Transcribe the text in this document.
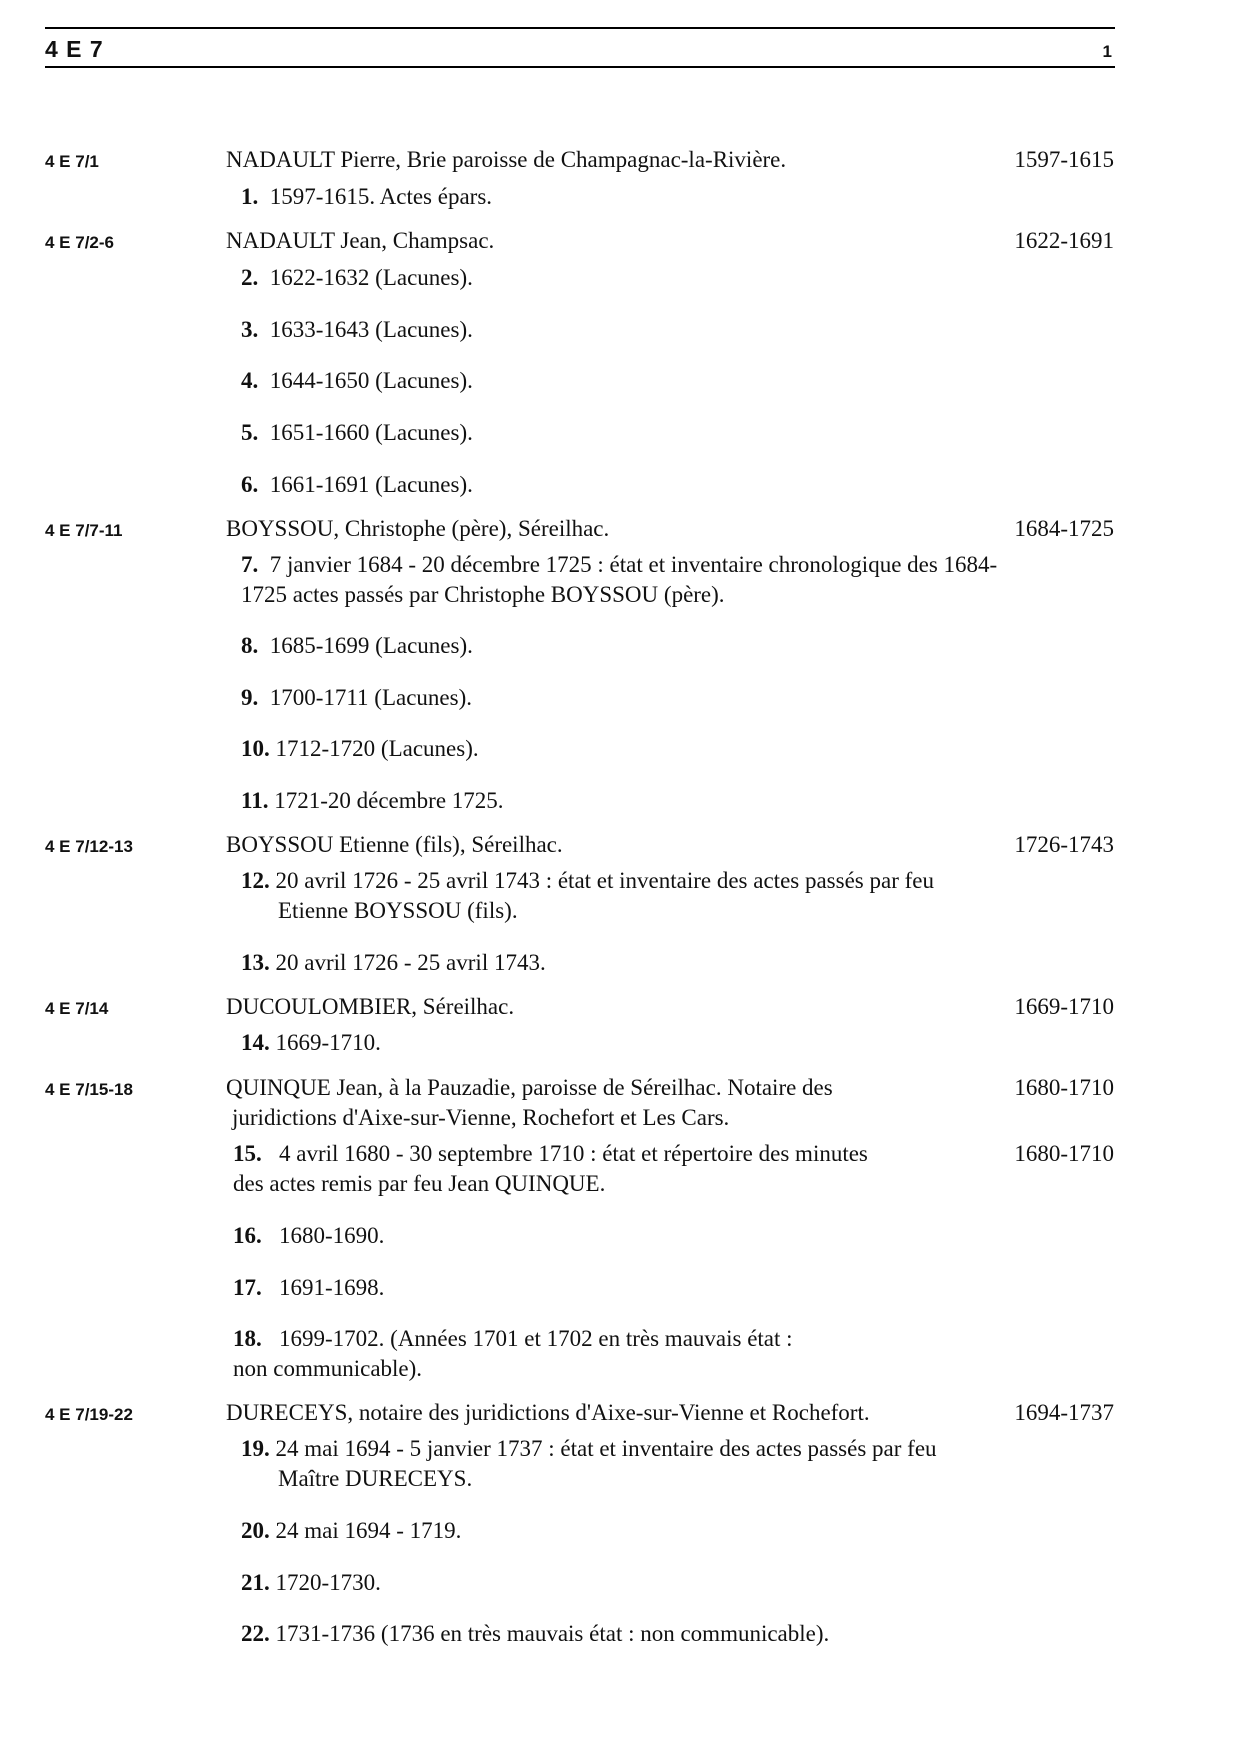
4 E 7	1
4 E 7/1	NADAULT Pierre, Brie paroisse de Champagnac-la-Rivière.	1597-1615
1. 1597-1615. Actes épars.
4 E 7/2-6	NADAULT Jean, Champsac.	1622-1691
2. 1622-1632 (Lacunes).
3. 1633-1643 (Lacunes).
4. 1644-1650 (Lacunes).
5. 1651-1660 (Lacunes).
6. 1661-1691 (Lacunes).
4 E 7/7-11	BOYSSOU, Christophe (père), Séreilhac.	1684-1725
7. 7 janvier 1684 - 20 décembre 1725 : état et inventaire chronologique des 1684-
1725 actes passés par Christophe BOYSSOU (père).
8. 1685-1699 (Lacunes).
9. 1700-1711 (Lacunes).
10. 1712-1720 (Lacunes).
11. 1721-20 décembre 1725.
4 E 7/12-13	BOYSSOU Etienne (fils), Séreilhac.	1726-1743
12. 20 avril 1726 - 25 avril 1743 : état et inventaire des actes passés par feu
Etienne BOYSSOU (fils).
13. 20 avril 1726 - 25 avril 1743.
4 E 7/14	DUCOULOMBIER, Séreilhac.	1669-1710
14. 1669-1710.
4 E 7/15-18	QUINQUE Jean, à la Pauzadie, paroisse de Séreilhac. Notaire des	1680-1710
juridictions d'Aixe-sur-Vienne, Rochefort et Les Cars.
15. 4 avril 1680 - 30 septembre 1710 : état et répertoire des minutes	1680-1710
des actes remis par feu Jean QUINQUE.
16. 1680-1690.
17. 1691-1698.
18. 1699-1702. (Années 1701 et 1702 en très mauvais état :
non communicable).
4 E 7/19-22	DURECEYS, notaire des juridictions d'Aixe-sur-Vienne et Rochefort.	1694-1737
19. 24 mai 1694 - 5 janvier 1737 : état et inventaire des actes passés par feu
Maître DURECEYS.
20. 24 mai 1694 - 1719.
21. 1720-1730.
22. 1731-1736 (1736 en très mauvais état : non communicable).
